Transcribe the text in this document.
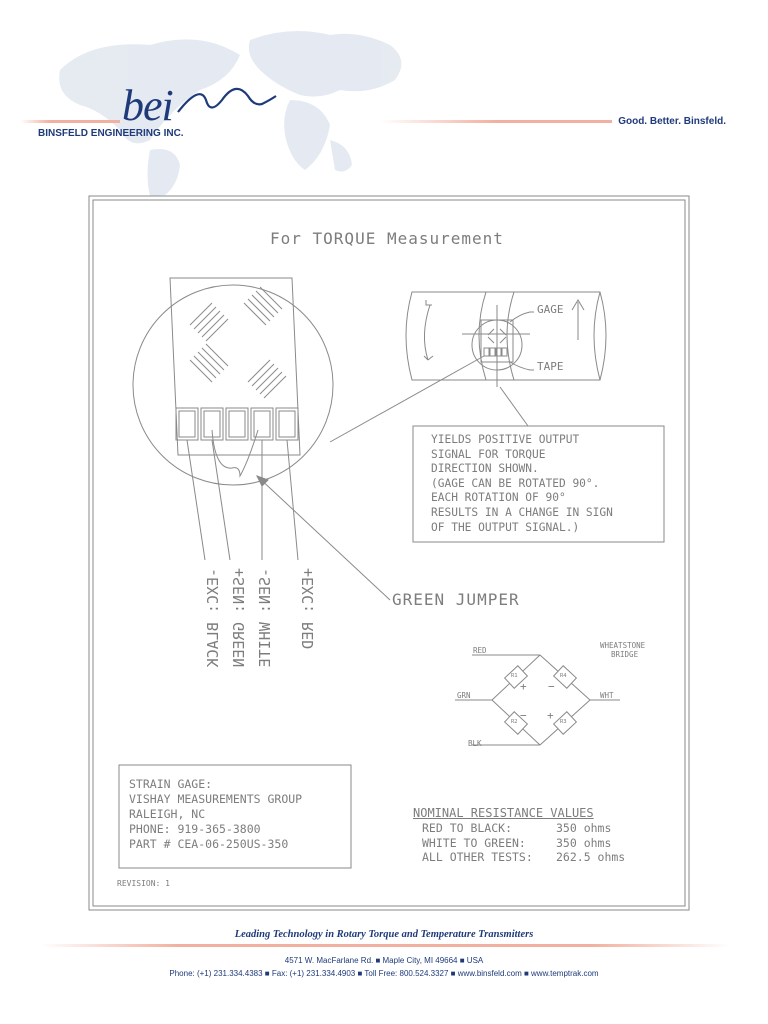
bei
BINSFELD ENGINEERING INC.
Good. Better. Binsfeld.
For TORQUE Measurement
GAGE
TAPE
YIELDS POSITIVE OUTPUT
SIGNAL FOR TORQUE
DIRECTION SHOWN.
(GAGE CAN BE ROTATED 90°.
EACH ROTATION OF 90°
RESULTS IN A CHANGE IN SIGN
OF THE OUTPUT SIGNAL.)
GREEN JUMPER
-EXC: BLACK +SEN: GREEN -SEN: WHITE +EXC: RED	WHEATSTONE
BRIDGE
RED
GRN	WHT
BLK
R1	R4
R2	R3
+ −
+
−
STRAIN GAGE:
VISHAY MEASUREMENTS GROUP
RALEIGH, NC
PHONE: 919-365-3800
PART # CEA-06-250US-350
NOMINAL RESISTANCE VALUES
RED TO BLACK:	350 ohms
WHITE TO GREEN:	350 ohms
ALL OTHER TESTS: 262.5 ohms
REVISION: 1
Leading Technology in Rotary Torque and Temperature Transmitters
4571 W. MacFarlane Rd. ■ Maple City, MI 49664 ■ USA
Phone: (+1) 231.334.4383 ■ Fax: (+1) 231.334.4903 ■ Toll Free: 800.524.3327 ■ www.binsfeld.com ■ www.temptrak.com
